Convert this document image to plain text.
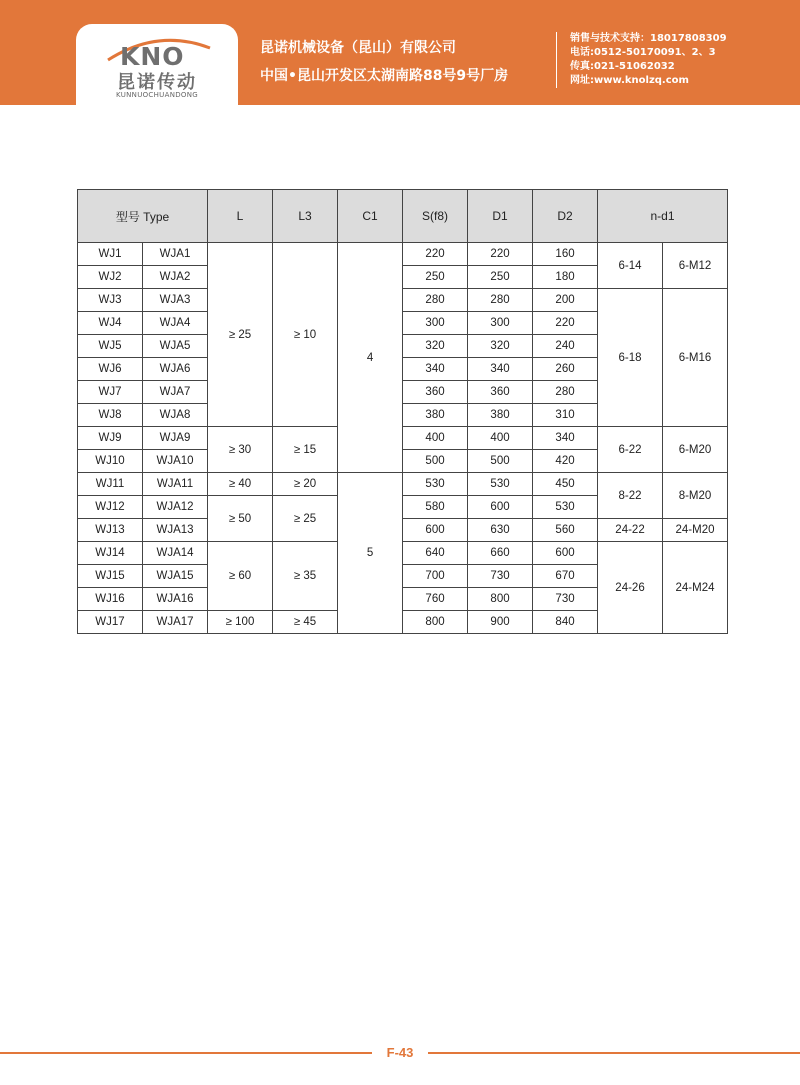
KNO
昆诺传动
KUNNUOCHUANDONG
昆诺机械设备（昆山）有限公司
中国•昆山开发区太湖南路88号9号厂房
销售与技术支持：18017808309
电话:0512-50170091、2、3
传真:021-51062032
网址:www.knolzq.com
型号 Type		L	L3	C1	S(f8)	D1	D2	n-d1	
WJ1	WJA1	≥ 25	≥ 10	4	220	220	160	6-14	6-M12
WJ2	WJA2				250	250	180		
WJ3	WJA3				280	280	200	6-18	6-M16
WJ4	WJA4				300	300	220		
WJ5	WJA5				320	320	240		
WJ6	WJA6				340	340	260		
WJ7	WJA7				360	360	280		
WJ8	WJA8				380	380	310		
WJ9	WJA9	≥ 30	≥ 15		400	400	340	6-22	6-M20
WJ10	WJA10				500	500	420		
WJ11	WJA11	≥ 40	≥ 20	5	530	530	450	8-22	8-M20
WJ12	WJA12	≥ 50	≥ 25		580	600	530		
WJ13	WJA13				600	630	560	24-22	24-M20
WJ14	WJA14	≥ 60	≥ 35		640	660	600	24-26	24-M24
WJ15	WJA15				700	730	670		
WJ16	WJA16				760	800	730		
WJ17	WJA17	≥ 100	≥ 45		800	900	840		
F-43
